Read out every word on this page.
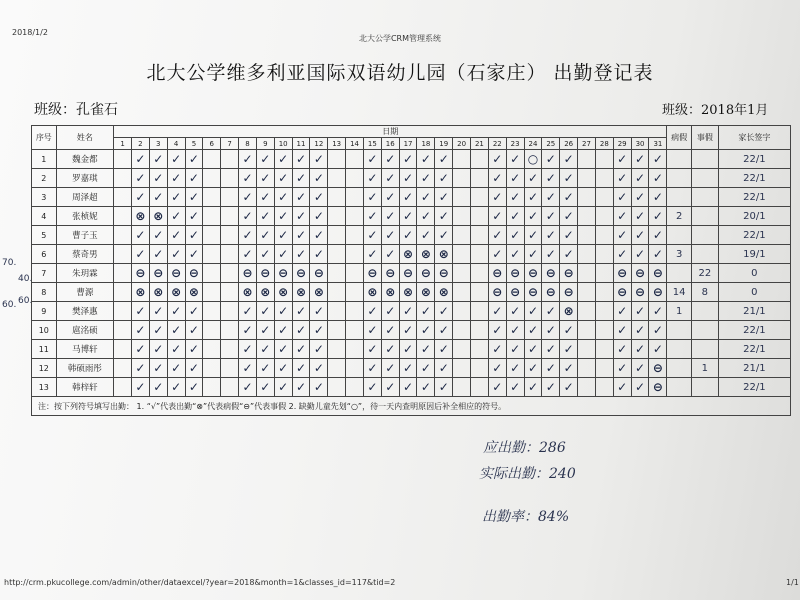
2018/1/2
北大公学CRM管理系统
北大公学维多利亚国际双语幼儿园（石家庄） 出勤登记表
班级：孔雀石	班级：2018年1月
70.
40.
60. 60.
序号	姓名	日期																															病假	事假	家长签字
		1	2	3	4	5	6	7	8	9	10	11	12	13	14	15	16	17	18	19	20	21	22	23	24	25	26	27	28	29	30	31			
1	魏金都		✓	✓	✓	✓			✓	✓	✓	✓	✓			✓	✓	✓	✓	✓			✓	✓	○	✓	✓			✓	✓	✓			22/1
2	罗嘉琪		✓	✓	✓	✓			✓	✓	✓	✓	✓			✓	✓	✓	✓	✓			✓	✓	✓	✓	✓			✓	✓	✓			22/1
3	周泽超		✓	✓	✓	✓			✓	✓	✓	✓	✓			✓	✓	✓	✓	✓			✓	✓	✓	✓	✓			✓	✓	✓			22/1
4	张桢妮		⊗	⊗	✓	✓			✓	✓	✓	✓	✓			✓	✓	✓	✓	✓			✓	✓	✓	✓	✓			✓	✓	✓	2		20/1
5	曹子玉		✓	✓	✓	✓			✓	✓	✓	✓	✓			✓	✓	✓	✓	✓			✓	✓	✓	✓	✓			✓	✓	✓			22/1
6	蔡奇男		✓	✓	✓	✓			✓	✓	✓	✓	✓			✓	✓	⊗	⊗	⊗			✓	✓	✓	✓	✓			✓	✓	✓	3		19/1
7	朱玥霖		⊖	⊖	⊖	⊖			⊖	⊖	⊖	⊖	⊖			⊖	⊖	⊖	⊖	⊖			⊖	⊖	⊖	⊖	⊖			⊖	⊖	⊖		22	0
8	曹源		⊗	⊗	⊗	⊗			⊗	⊗	⊗	⊗	⊗			⊗	⊗	⊗	⊗	⊗			⊖	⊖	⊖	⊖	⊖			⊖	⊖	⊖	14	8	0
9	樊泽惠		✓	✓	✓	✓			✓	✓	✓	✓	✓			✓	✓	✓	✓	✓			✓	✓	✓	✓	⊗			✓	✓	✓	1		21/1
10	扈洺硕		✓	✓	✓	✓			✓	✓	✓	✓	✓			✓	✓	✓	✓	✓			✓	✓	✓	✓	✓			✓	✓	✓			22/1
11	马博轩		✓	✓	✓	✓			✓	✓	✓	✓	✓			✓	✓	✓	✓	✓			✓	✓	✓	✓	✓			✓	✓	✓			22/1
12	韩硕雨彤		✓	✓	✓	✓			✓	✓	✓	✓	✓			✓	✓	✓	✓	✓			✓	✓	✓	✓	✓			✓	✓	⊖		1	21/1
13	韩梓轩		✓	✓	✓	✓			✓	✓	✓	✓	✓			✓	✓	✓	✓	✓			✓	✓	✓	✓	✓			✓	✓	⊖			22/1
注：按下列符号填写出勤： 1. “√”代表出勤“⊗”代表病假“⊖”代表事假 2. 缺勤儿童先划“○”，待一天内查明原因后补全相应的符号。																																			
应出勤：286
实际出勤：240
出勤率：84%
http://crm.pkucollege.com/admin/other/dataexcel/?year=2018&month=1&classes_id=117&tid=2	1/1
